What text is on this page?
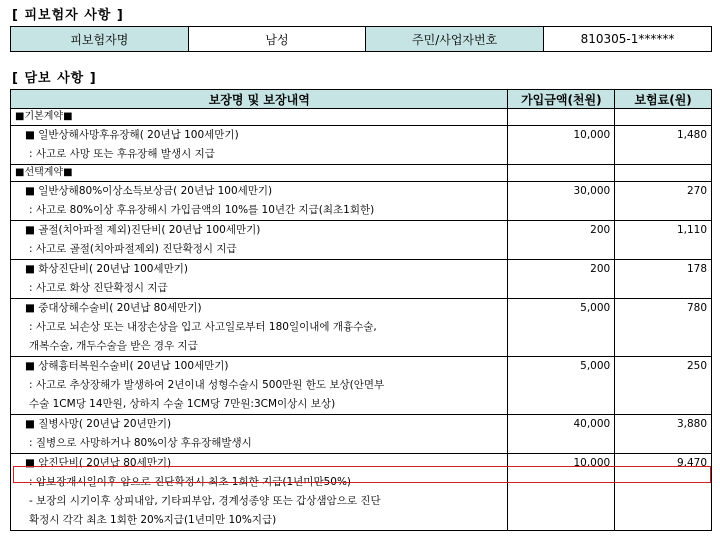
[ 피보험자 사항 ]
피보험자명	남성	주민/사업자번호	810305-1******
[ 담보 사항 ]
보장명 및 보장내역	가입금액(천원)	보험료(원)
■기본계약■		

■ 일반상해사망후유장해( 20년납 100세만기)
: 사고로 사망 또는 후유장해 발생시 지급	10,000	1,480

■선택계약■		

■ 일반상해80%이상소득보상금( 20년납 100세만기)
: 사고로 80%이상 후유장해시 가입금액의 10%를 10년간 지급(최초1회한)	30,000	270

■ 골절(치아파절 제외)진단비( 20년납 100세만기)
: 사고로 골절(치아파절제외) 진단확정시 지급	200	1,110

■ 화상진단비( 20년납 100세만기)
: 사고로 화상 진단확정시 지급	200	178

■ 중대상해수술비( 20년납 80세만기)
: 사고로 뇌손상 또는 내장손상을 입고 사고일로부터 180일이내에 개흉수술,
개복수술, 개두수술을 받은 경우 지급	5,000	780

■ 상해흉터복원수술비( 20년납 100세만기)
: 사고로 추상장해가 발생하여 2년이내 성형수술시 500만원 한도 보상(안면부
수술 1CM당 14만원, 상하지 수술 1CM당 7만원:3CM이상시 보상)	5,000	250

■ 질병사망( 20년납 20년만기)
: 질병으로 사망하거나 80%이상 후유장해발생시	40,000	3,880

■ 암진단비( 20년납 80세만기)
: 암보장개시일이후 암으로 진단확정시 최초 1회한 지급(1년미만50%)
- 보장의 시기이후 상피내암, 기타피부암, 경계성종양 또는 갑상샘암으로 진단
확정시 각각 최초 1회한 20%지급(1년미만 10%지급)	10,000	9,470
